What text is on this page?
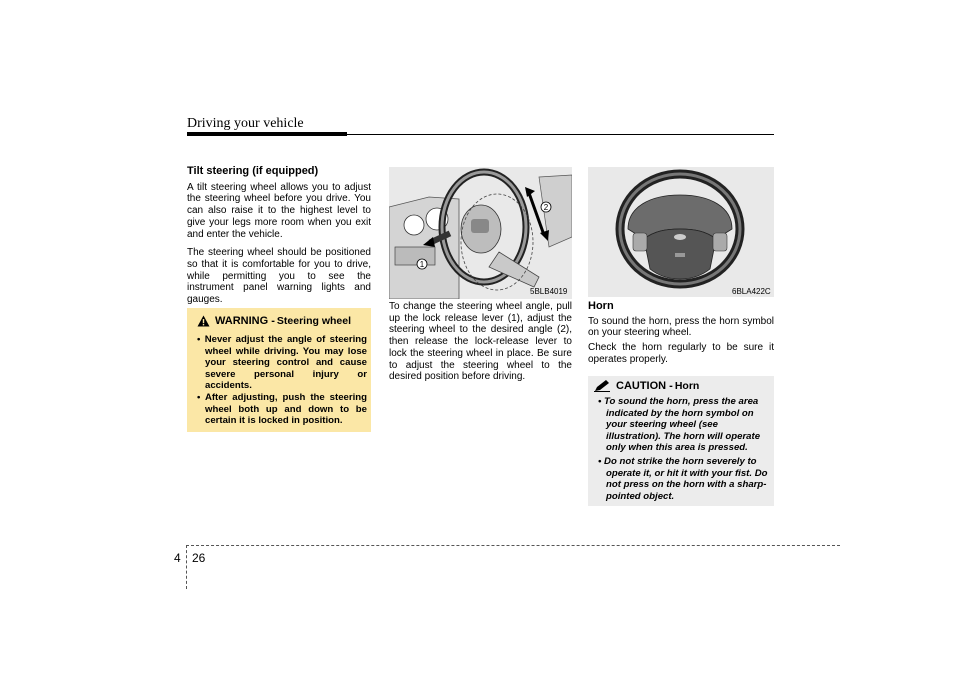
Driving your vehicle
Tilt steering (if equipped)

A tilt steering wheel allows you to adjust the steering wheel before you drive. You can also raise it to the highest level to give your legs more room when you exit and enter the vehicle.

The steering wheel should be positioned so that it is comfortable for you to drive, while permitting you to see the instrument panel warning lights and gauges.

WARNING - Steering wheel
• Never adjust the angle of steering wheel while driving. You may lose your steering control and cause severe personal injury or accidents.
• After adjusting, push the steering wheel both up and down to be certain it is locked in position.
1
2
5BLB4019

To change the steering wheel angle, pull up the lock release lever (1), adjust the steering wheel to the desired angle (2), then release the lock-release lever to lock the steering wheel in place. Be sure to adjust the steering wheel to the desired position before driving.

6BLA422C
Horn

To sound the horn, press the horn symbol on your steering wheel.

Check the horn regularly to be sure it operates properly.

CAUTION - Horn
• To sound the horn, press the area indicated by the horn symbol on your steering wheel (see illustration). The horn will operate only when this area is pressed.
• Do not strike the horn severely to operate it, or hit it with your fist. Do not press on the horn with a sharp-pointed object.
4 26
